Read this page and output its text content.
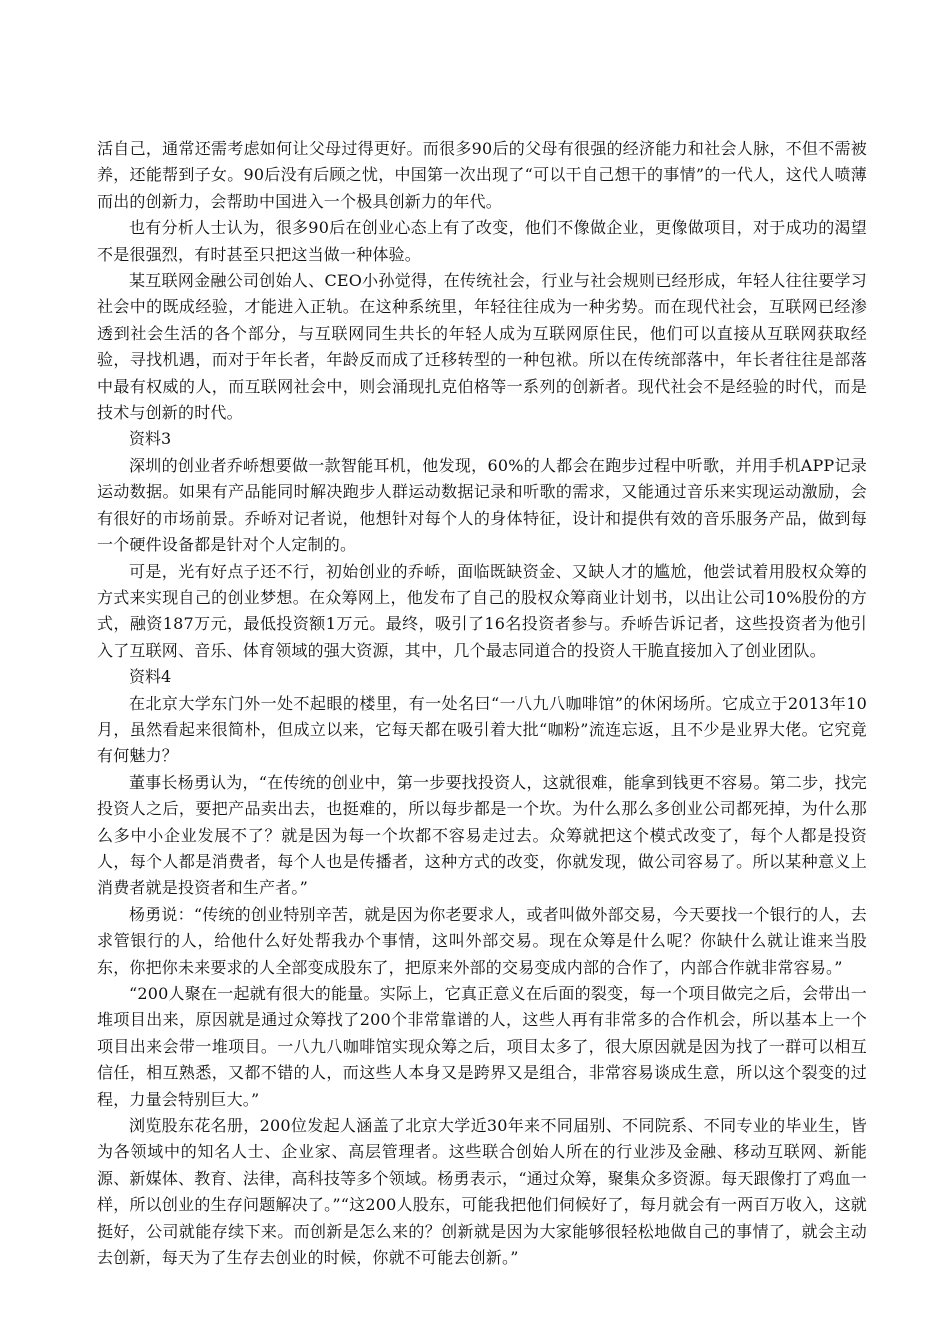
活自己，通常还需考虑如何让父母过得更好。而很多90后的父母有很强的经济能力和社会人脉，不但不需被养，还能帮到子女。90后没有后顾之忧，中国第一次出现了“可以干自己想干的事情”的一代人，这代人喷薄而出的创新力，会帮助中国进入一个极具创新力的年代。

也有分析人士认为，很多90后在创业心态上有了改变，他们不像做企业，更像做项目，对于成功的渴望不是很强烈，有时甚至只把这当做一种体验。

某互联网金融公司创始人、CEO小孙觉得，在传统社会，行业与社会规则已经形成，年轻人往往要学习社会中的既成经验，才能进入正轨。在这种系统里，年轻往往成为一种劣势。而在现代社会，互联网已经渗透到社会生活的各个部分，与互联网同生共长的年轻人成为互联网原住民，他们可以直接从互联网获取经验，寻找机遇，而对于年长者，年龄反而成了迁移转型的一种包袱。所以在传统部落中，年长者往往是部落中最有权威的人，而互联网社会中，则会涌现扎克伯格等一系列的创新者。现代社会不是经验的时代，而是技术与创新的时代。

资料3

深圳的创业者乔峤想要做一款智能耳机，他发现，60%的人都会在跑步过程中听歌，并用手机APP记录运动数据。如果有产品能同时解决跑步人群运动数据记录和听歌的需求，又能通过音乐来实现运动激励，会有很好的市场前景。乔峤对记者说，他想针对每个人的身体特征，设计和提供有效的音乐服务产品，做到每一个硬件设备都是针对个人定制的。

可是，光有好点子还不行，初始创业的乔峤，面临既缺资金、又缺人才的尴尬，他尝试着用股权众筹的方式来实现自己的创业梦想。在众筹网上，他发布了自己的股权众筹商业计划书，以出让公司10%股份的方式，融资187万元，最低投资额1万元。最终，吸引了16名投资者参与。乔峤告诉记者，这些投资者为他引入了互联网、音乐、体育领域的强大资源，其中，几个最志同道合的投资人干脆直接加入了创业团队。

资料4

在北京大学东门外一处不起眼的楼里，有一处名曰“一八九八咖啡馆”的休闲场所。它成立于2013年10月，虽然看起来很简朴，但成立以来，它每天都在吸引着大批“咖粉”流连忘返，且不少是业界大佬。它究竟有何魅力？

董事长杨勇认为，“在传统的创业中，第一步要找投资人，这就很难，能拿到钱更不容易。第二步，找完投资人之后，要把产品卖出去，也挺难的，所以每步都是一个坎。为什么那么多创业公司都死掉，为什么那么多中小企业发展不了？就是因为每一个坎都不容易走过去。众筹就把这个模式改变了，每个人都是投资人，每个人都是消费者，每个人也是传播者，这种方式的改变，你就发现，做公司容易了。所以某种意义上消费者就是投资者和生产者。”

杨勇说：“传统的创业特别辛苦，就是因为你老要求人，或者叫做外部交易，今天要找一个银行的人，去求管银行的人，给他什么好处帮我办个事情，这叫外部交易。现在众筹是什么呢？你缺什么就让谁来当股东，你把你未来要求的人全部变成股东了，把原来外部的交易变成内部的合作了，内部合作就非常容易。”

“200人聚在一起就有很大的能量。实际上，它真正意义在后面的裂变，每一个项目做完之后，会带出一堆项目出来，原因就是通过众筹找了200个非常靠谱的人，这些人再有非常多的合作机会，所以基本上一个项目出来会带一堆项目。一八九八咖啡馆实现众筹之后，项目太多了，很大原因就是因为找了一群可以相互信任，相互熟悉，又都不错的人，而这些人本身又是跨界又是组合，非常容易谈成生意，所以这个裂变的过程，力量会特别巨大。”

浏览股东花名册，200位发起人涵盖了北京大学近30年来不同届别、不同院系、不同专业的毕业生，皆为各领域中的知名人士、企业家、高层管理者。这些联合创始人所在的行业涉及金融、移动互联网、新能源、新媒体、教育、法律，高科技等多个领域。杨勇表示，“通过众筹，聚集众多资源。每天跟像打了鸡血一样，所以创业的生存问题解决了。”“这200人股东，可能我把他们伺候好了，每月就会有一两百万收入，这就挺好，公司就能存续下来。而创新是怎么来的？创新就是因为大家能够很轻松地做自己的事情了，就会主动去创新，每天为了生存去创业的时候，你就不可能去创新。”
